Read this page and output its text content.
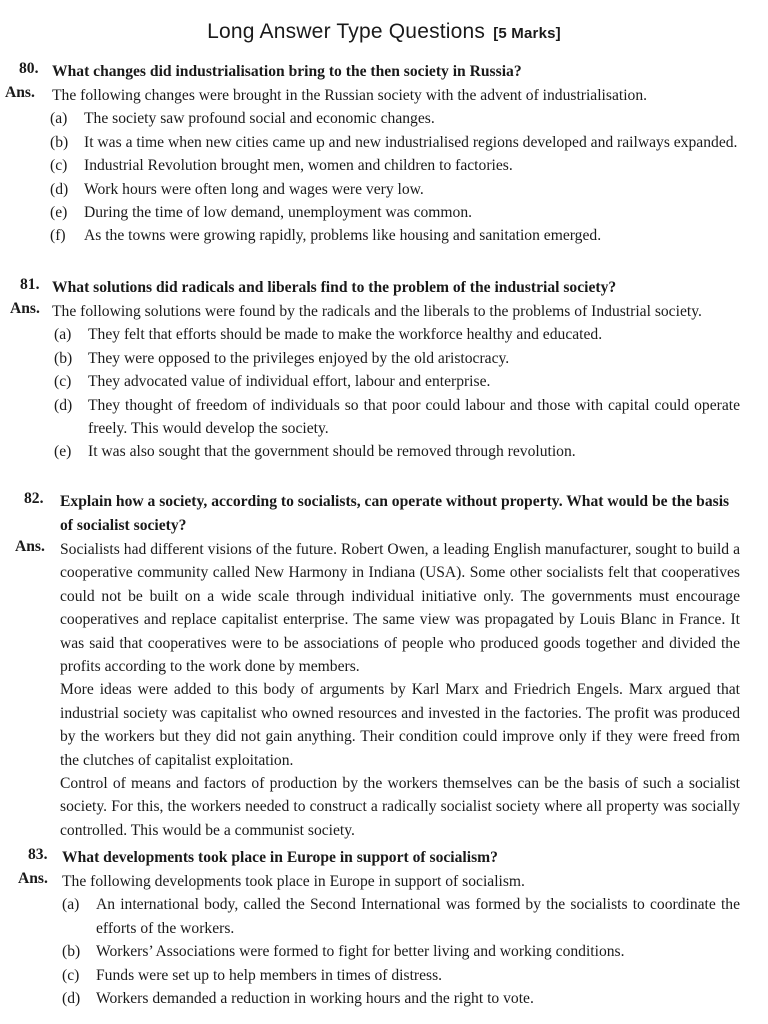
Long Answer Type Questions [5 Marks]
80. What changes did industrialisation bring to the then society in Russia?

Ans. The following changes were brought in the Russian society with the advent of industrialisation.

(a) The society saw profound social and economic changes.
(b) It was a time when new cities came up and new industrialised regions developed and railways expanded.
(c) Industrial Revolution brought men, women and children to factories.
(d) Work hours were often long and wages were very low.
(e) During the time of low demand, unemployment was common.
(f) As the towns were growing rapidly, problems like housing and sanitation emerged.
81. What solutions did radicals and liberals find to the problem of the industrial society?

Ans. The following solutions were found by the radicals and the liberals to the problems of Industrial society.

(a) They felt that efforts should be made to make the workforce healthy and educated.
(b) They were opposed to the privileges enjoyed by the old aristocracy.
(c) They advocated value of individual effort, labour and enterprise.
(d) They thought of freedom of individuals so that poor could labour and those with capital could operate freely. This would develop the society.
(e) It was also sought that the government should be removed through revolution.
82. Explain how a society, according to socialists, can operate without property. What would be the basis of socialist society?

Ans. Socialists had different visions of the future. Robert Owen, a leading English manufacturer, sought to build a cooperative community called New Harmony in Indiana (USA). Some other socialists felt that cooperatives could not be built on a wide scale through individual initiative only. The governments must encourage cooperatives and replace capitalist enterprise. The same view was propagated by Louis Blanc in France. It was said that cooperatives were to be associations of people who produced goods together and divided the profits according to the work done by members.

More ideas were added to this body of arguments by Karl Marx and Friedrich Engels. Marx argued that industrial society was capitalist who owned resources and invested in the factories. The profit was produced by the workers but they did not gain anything. Their condition could improve only if they were freed from the clutches of capitalist exploitation.

Control of means and factors of production by the workers themselves can be the basis of such a socialist society. For this, the workers needed to construct a radically socialist society where all property was socially controlled. This would be a communist society.

83. What developments took place in Europe in support of socialism?

Ans. The following developments took place in Europe in support of socialism.

(a) An international body, called the Second International was formed by the socialists to coordinate the efforts of the workers.
(b) Workers’ Associations were formed to fight for better living and working conditions.
(c) Funds were set up to help members in times of distress.
(d) Workers demanded a reduction in working hours and the right to vote.
